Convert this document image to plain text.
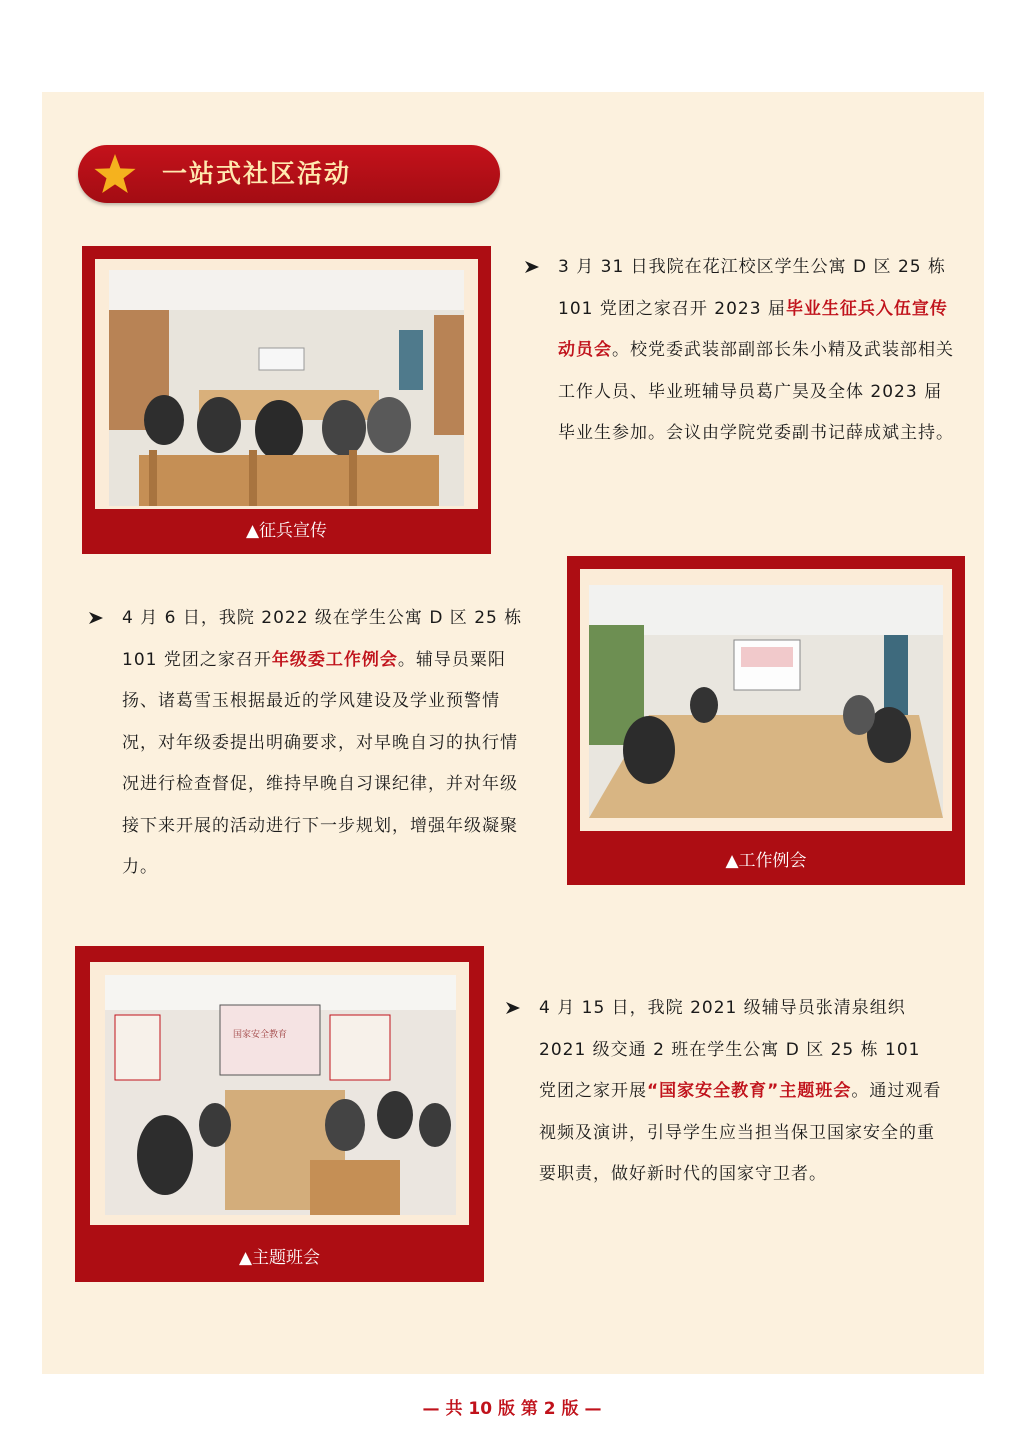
一站式社区活动
▲征兵宣传
3 月 31 日我院在花江校区学生公寓 D 区 25 栋 101 党团之家召开 2023 届毕业生征兵入伍宣传动员会。校党委武装部副部长朱小精及武装部相关工作人员、毕业班辅导员葛广昊及全体 2023 届毕业生参加。会议由学院党委副书记薛成斌主持。
▲工作例会
4 月 6 日，我院 2022 级在学生公寓 D 区 25 栋 101 党团之家召开年级委工作例会。辅导员粟阳扬、诸葛雪玉根据最近的学风建设及学业预警情况，对年级委提出明确要求，对早晚自习的执行情况进行检查督促，维持早晚自习课纪律，并对年级接下来开展的活动进行下一步规划，增强年级凝聚力。
国家安全教育
▲主题班会
4 月 15 日，我院 2021 级辅导员张清泉组织 2021 级交通 2 班在学生公寓 D 区 25 栋 101 党团之家开展“国家安全教育”主题班会。通过观看视频及演讲，引导学生应当担当保卫国家安全的重要职责，做好新时代的国家守卫者。
— 共 10 版 第 2 版 —
